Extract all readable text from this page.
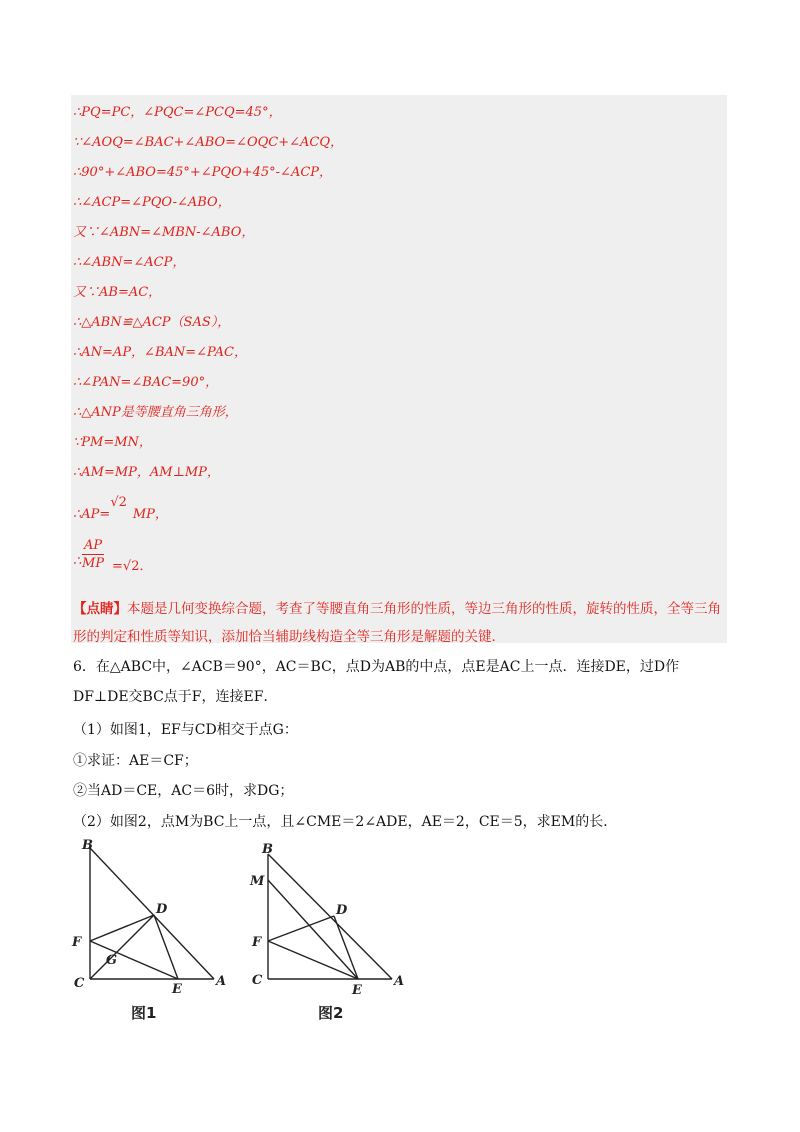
∴PQ=PC，∠PQC=∠PCQ=45°，
∵∠AOQ=∠BAC+∠ABO=∠OQC+∠ACQ，
∴90°+∠ABO=45°+∠PQO+45°-∠ACP，
∴∠ACP=∠PQO-∠ABO，
又∵∠ABN=∠MBN-∠ABO，
∴∠ABN=∠ACP，
又∵AB=AC，
∴△ABN≌△ACP（SAS），
∴AN=AP，∠BAN=∠PAC，
∴∠PAN=∠BAC=90°，
∴△ANP是等腰直角三角形，
∵PM=MN，
∴AM=MP，AM⊥MP，
∴AP=√2MP，
∴ $\frac{AP}{MP} =√2$．
【点睛】本题是几何变换综合题，考查了等腰直角三角形的性质，等边三角形的性质，旋转的性质，全等三角形的判定和性质等知识，添加恰当辅助线构造全等三角形是解题的关键．
6．在△ABC中，∠ACB＝90°，AC＝BC，点D为AB的中点，点E是AC上一点．连接DE，过D作
DF⊥DE交BC点于F，连接EF．
（1）如图1，EF与CD相交于点G：
①求证：AE＝CF；
②当AD＝CE，AC＝6时，求DG；
（2）如图2，点M为BC上一点，且∠CME＝2∠ADE，AE＝2，CE＝5，求EM的长．
B
D
F
G
C	E
A
图1
B
M
D
F
C
E
A
图2
